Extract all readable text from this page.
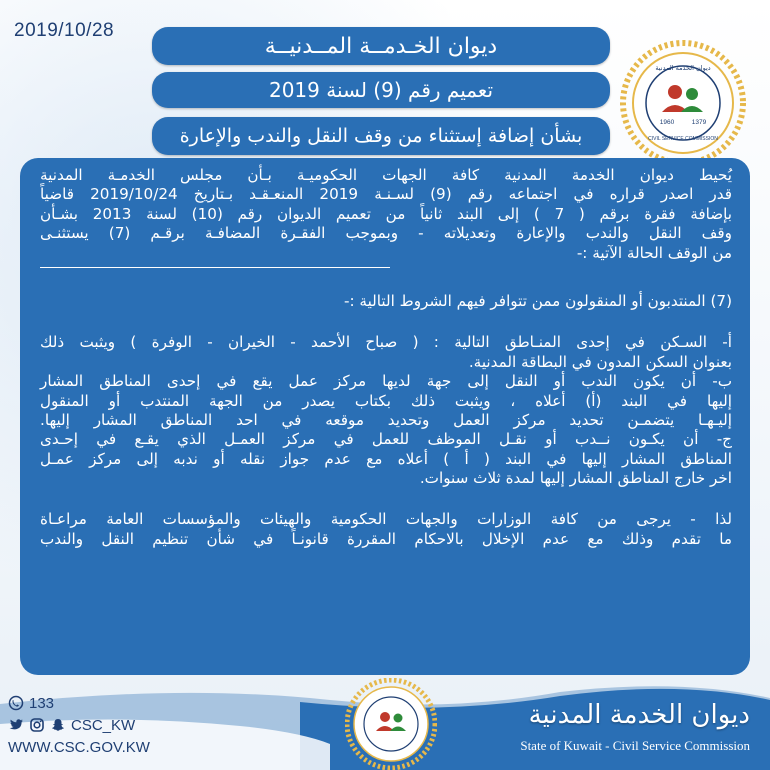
2019/10/28
ديوان الخـدمــة المــدنيــة
تعميم رقم (9) لسنة 2019
بشأن إضافة إستثناء من وقف النقل والندب والإعارة
ديوان الخدمة المدنية
1960	1379
CIVIL SERVICE COMMISSION
يُحيط ديوان الخدمة المدنية كافة الجهات الحكوميـة بـأن مجلس الخدمـة المدنية
قدر اصدر قراره في اجتماعه رقم (9) لسـنـة 2019 المنعـقـد بـتاريخ 2019/10/24 قاضياً
بإضافة فقرة برقم ( 7 ) إلى البند ثانياً من تعميم الديوان رقم (10) لسنة 2013 بشـأن
وقف النقل والندب والإعارة وتعديلاته - وبموجب الفقـرة المضافـة برقـم (7) يستثنـى
من الوقف الحالة الآتية :-
(7) المنتدبون أو المنقولون ممن تتوافر فيهم الشروط التالية :-
أ- السـكن في إحدى المنـاطق التالية : ( صباح الأحمد - الخيران - الوفرة ) ويثبت ذلك
بعنوان السكن المدون في البطاقة المدنية.
ب- أن يكون الندب أو النقل إلى جهة لديها مركز عمل يقع في إحدى المناطق المشار
إليها في البند (أ) أعلاه ، ويثبت ذلك بكتاب يصدر من الجهة المنتدب أو المنقول
إليـهـا يتضمـن تحديد مركز العمل وتحديد موقعه في احد المناطق المشار إليها.
ج- أن يكـون نــدب أو نقـل الموظف للعمل في مركز العمـل الذي يقـع في إحـدى
المناطق المشار إليها في البند ( أ ) أعلاه مع عدم جواز نقله أو ندبه إلى مركز عمـل
اخر خارج المناطق المشار إليها لمدة ثلاث سنوات.
لذا - يرجى من كافة الوزارات والجهات الحكومية والهيئات والمؤسسات العامة مراعـاة
ما تقدم وذلك مع عدم الإخلال بالاحكام المقررة قانونـاً في شأن تنظيم النقل والندب
133
CSC_KW
WWW.CSC.GOV.KW
ديوان الخدمة المدنية
State of Kuwait - Civil Service Commission
